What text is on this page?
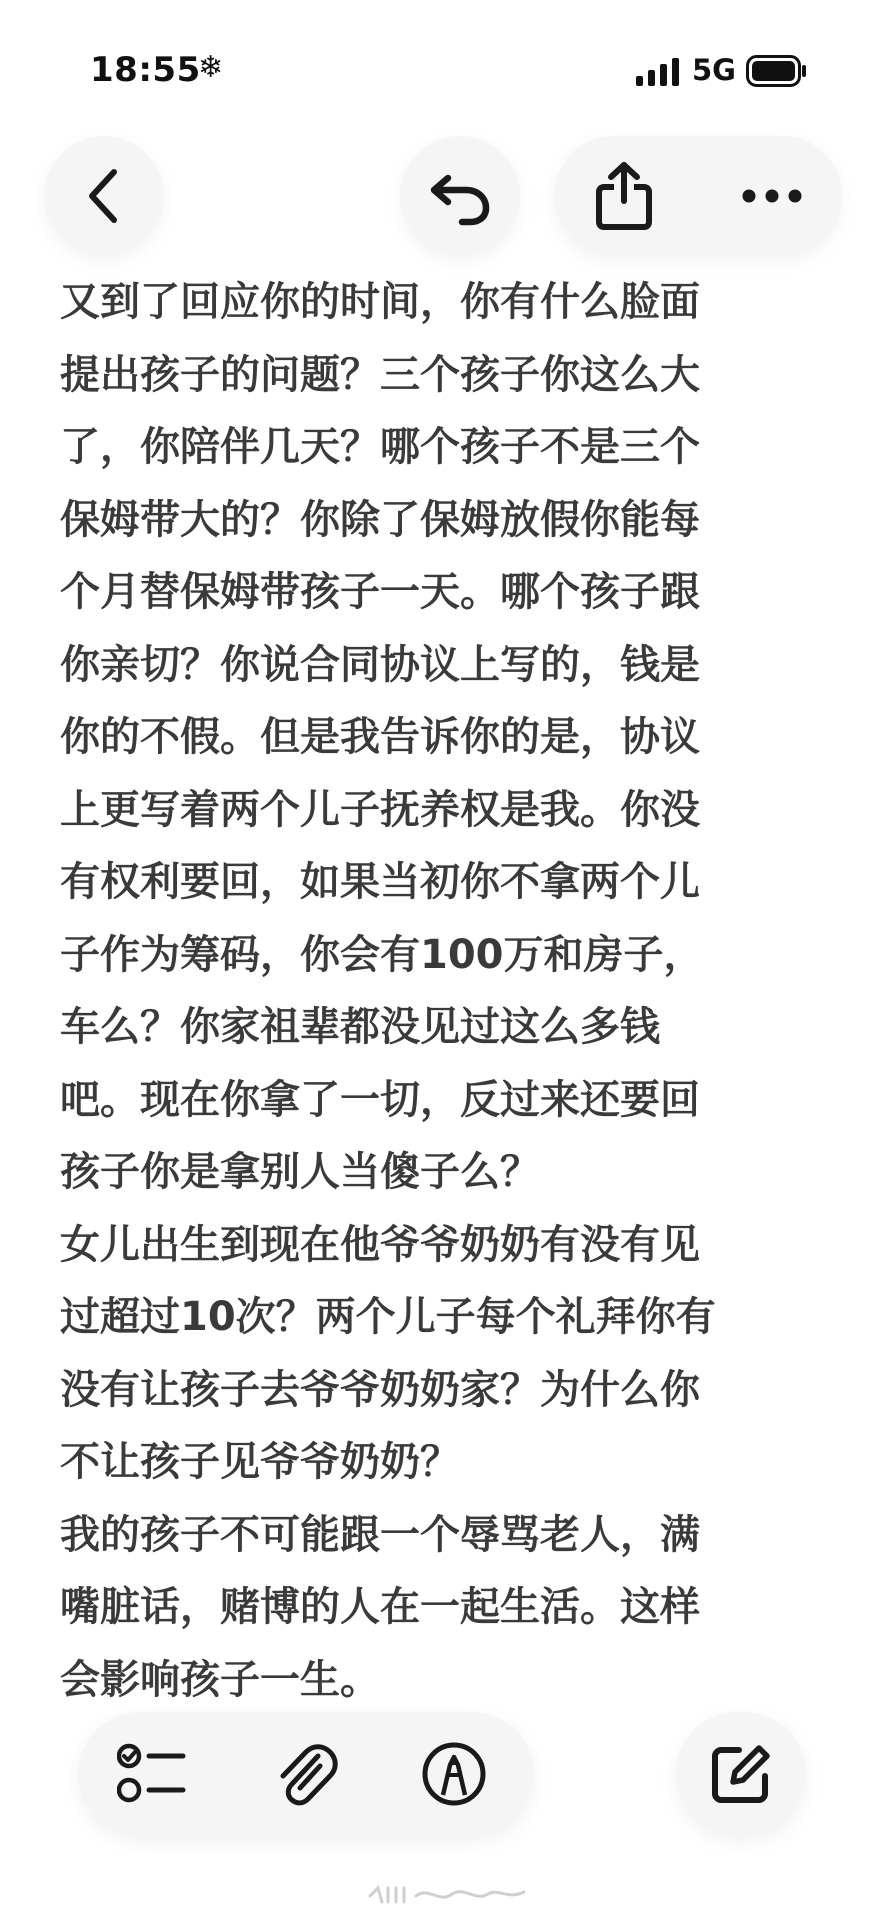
18:55
❄	5G
又到了回应你的时间，你有什么脸面
提出孩子的问题？三个孩子你这么大
了，你陪伴几天？哪个孩子不是三个
保姆带大的？你除了保姆放假你能每
个月替保姆带孩子一天。哪个孩子跟
你亲切？你说合同协议上写的，钱是
你的不假。但是我告诉你的是，协议
上更写着两个儿子抚养权是我。你没
有权利要回，如果当初你不拿两个儿
子作为筹码，你会有100万和房子，
车么？你家祖辈都没见过这么多钱
吧。现在你拿了一切，反过来还要回
孩子你是拿别人当傻子么？
女儿出生到现在他爷爷奶奶有没有见
过超过10次？两个儿子每个礼拜你有
没有让孩子去爷爷奶奶家？为什么你
不让孩子见爷爷奶奶？
我的孩子不可能跟一个辱骂老人，满
嘴脏话，赌博的人在一起生活。这样
会影响孩子一生。
